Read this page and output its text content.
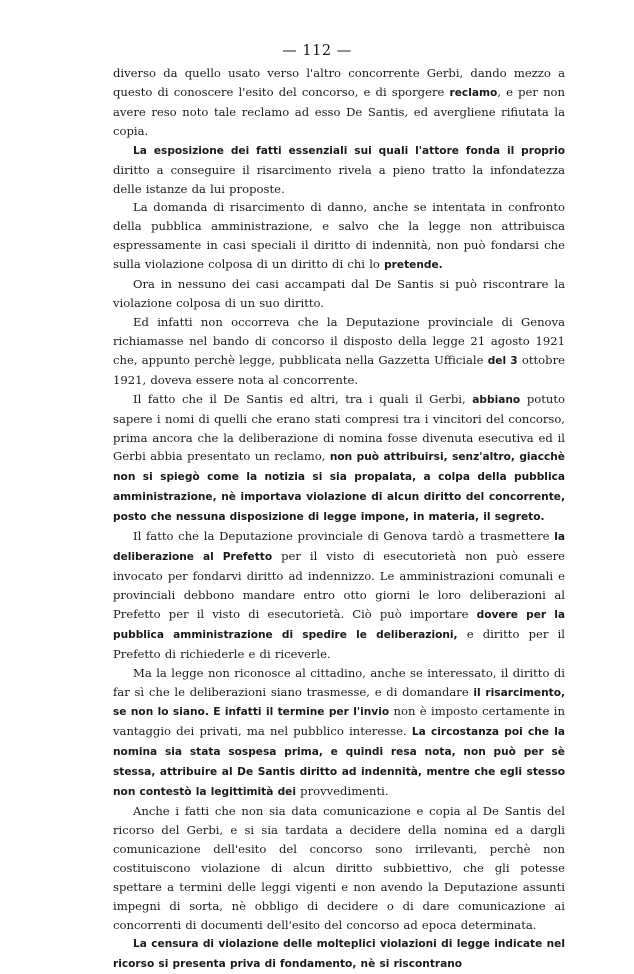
— 112 —

diverso da quello usato verso l'altro concorrente Gerbi, dando mezzo a questo di conoscere l'esito del concorso, e di sporgere reclamo, e per non avere reso noto tale reclamo ad esso De Santis, ed avergliene rifiutata la copia.

La esposizione dei fatti essenziali sui quali l'attore fonda il proprio diritto a conseguire il risarcimento rivela a pieno tratto la infondatezza delle istanze da lui proposte.

La domanda di risarcimento di danno, anche se intentata in confronto della pubblica amministrazione, e salvo che la legge non attribuisca espressamente in casi speciali il diritto di indennità, non può fondarsi che sulla violazione colposa di un diritto di chi lo pretende.

Ora in nessuno dei casi accampati dal De Santis si può riscontrare la violazione colposa di un suo diritto.

Ed infatti non occorreva che la Deputazione provinciale di Genova richiamasse nel bando di concorso il disposto della legge 21 agosto 1921 che, appunto perchè legge, pubblicata nella Gazzetta Ufficiale del 3 ottobre 1921, doveva essere nota al concorrente.

Il fatto che il De Santis ed altri, tra i quali il Gerbi, abbiano potuto sapere i nomi di quelli che erano stati compresi tra i vincitori del concorso, prima ancora che la deliberazione di nomina fosse divenuta esecutiva ed il Gerbi abbia presentato un reclamo, non può attribuirsi, senz'altro, giacchè non si spiegò come la notizia si sia propalata, a colpa della pubblica amministrazione, nè importava violazione di alcun diritto del concorrente, posto che nessuna disposizione di legge impone, in materia, il segreto.

Il fatto che la Deputazione provinciale di Genova tardò a trasmettere la deliberazione al Prefetto per il visto di esecutorietà non può essere invocato per fondarvi diritto ad indennizzo. Le amministrazioni comunali e provinciali debbono mandare entro otto giorni le loro deliberazioni al Prefetto per il visto di esecutorietà. Ciò può importare dovere per la pubblica amministrazione di spedire le deliberazioni, e diritto per il Prefetto di richiederle e di riceverle.

Ma la legge non riconosce al cittadino, anche se interessato, il diritto di far sì che le deliberazioni siano trasmesse, e di domandare il risarcimento, se non lo siano. E infatti il termine per l'invio non è imposto certamente in vantaggio dei privati, ma nel pubblico interesse. La circostanza poi che la nomina sia stata sospesa prima, e quindi resa nota, non può per sè stessa, attribuire al De Santis diritto ad indennità, mentre che egli stesso non contestò la legittimità dei provvedimenti.

Anche i fatti che non sia data comunicazione e copia al De Santis del ricorso del Gerbi, e si sia tardata a decidere della nomina ed a dargli comunicazione dell'esito del concorso sono irrilevanti, perchè non costituiscono violazione di alcun diritto subbiettivo, che gli potesse spettare a termini delle leggi vigenti e non avendo la Deputazione assunti impegni di sorta, nè obbligo di decidere o di dare comunicazione ai concorrenti di documenti dell'esito del concorso ad epoca determinata.

La censura di violazione delle molteplici violazioni di legge indicate nel ricorso si presenta priva di fondamento, nè si riscontrano
